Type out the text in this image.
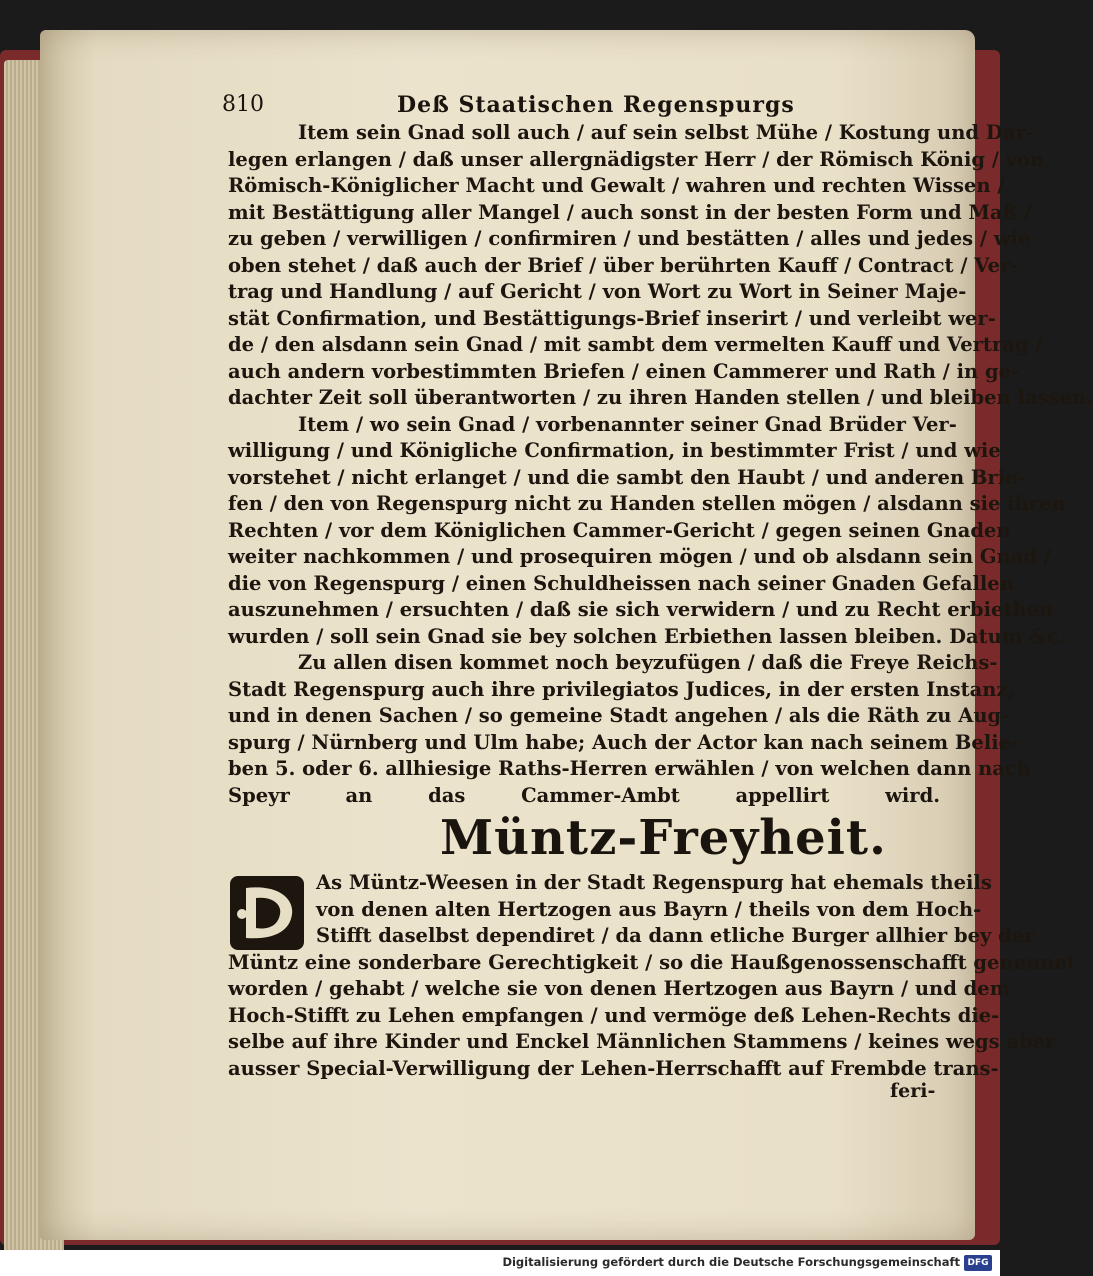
810	Deß Staatischen Regenspurgs
Item sein Gnad soll auch / auf sein selbst Mühe / Kostung und Dar-
legen erlangen / daß unser allergnädigster Herr / der Römisch König / von
Römisch-Königlicher Macht und Gewalt / wahren und rechten Wissen /
mit Bestättigung aller Mangel / auch sonst in der besten Form und Maß /
zu geben / verwilligen / confirmiren / und bestätten / alles und jedes / wie
oben stehet / daß auch der Brief / über berührten Kauff / Contract / Ver-
trag und Handlung / auf Gericht / von Wort zu Wort in Seiner Maje-
stät Confirmation, und Bestättigungs-Brief inserirt / und verleibt wer-
de / den alsdann sein Gnad / mit sambt dem vermelten Kauff und Vertrag /
auch andern vorbestimmten Briefen / einen Cammerer und Rath / in ge-
dachter Zeit soll überantworten / zu ihren Handen stellen / und bleiben lassen.
Item / wo sein Gnad / vorbenannter seiner Gnad Brüder Ver-
willigung / und Königliche Confirmation, in bestimmter Frist / und wie
vorstehet / nicht erlanget / und die sambt den Haubt / und anderen Brie-
fen / den von Regenspurg nicht zu Handen stellen mögen / alsdann sie ihren
Rechten / vor dem Königlichen Cammer-Gericht / gegen seinen Gnaden
weiter nachkommen / und prosequiren mögen / und ob alsdann sein Gnad /
die von Regenspurg / einen Schuldheissen nach seiner Gnaden Gefallen
auszunehmen / ersuchten / daß sie sich verwidern / und zu Recht erbiethen
wurden / soll sein Gnad sie bey solchen Erbiethen lassen bleiben. Datum &c.
Zu allen disen kommet noch beyzufügen / daß die Freye Reichs-
Stadt Regenspurg auch ihre privilegiatos Judices, in der ersten Instanz,
und in denen Sachen / so gemeine Stadt angehen / als die Räth zu Aug-
spurg / Nürnberg und Ulm habe; Auch der Actor kan nach seinem Belie-
ben 5. oder 6. allhiesige Raths-Herren erwählen / von welchen dann nach
Speyr an das Cammer-Ambt appellirt wird.
Müntz-Freyheit.
D
As Müntz-Weesen in der Stadt Regenspurg hat ehemals theils
von denen alten Hertzogen aus Bayrn / theils von dem Hoch-
Stifft daselbst dependiret / da dann etliche Burger allhier bey der
Müntz eine sonderbare Gerechtigkeit / so die Haußgenossenschafft genennet
worden / gehabt / welche sie von denen Hertzogen aus Bayrn / und dem
Hoch-Stifft zu Lehen empfangen / und vermöge deß Lehen-Rechts die-
selbe auf ihre Kinder und Enckel Männlichen Stammens / keines wegs aber
ausser Special-Verwilligung der Lehen-Herrschafft auf Frembde trans-
feri-
Digitalisierung gefördert durch die Deutsche Forschungsgemeinschaft DFG
